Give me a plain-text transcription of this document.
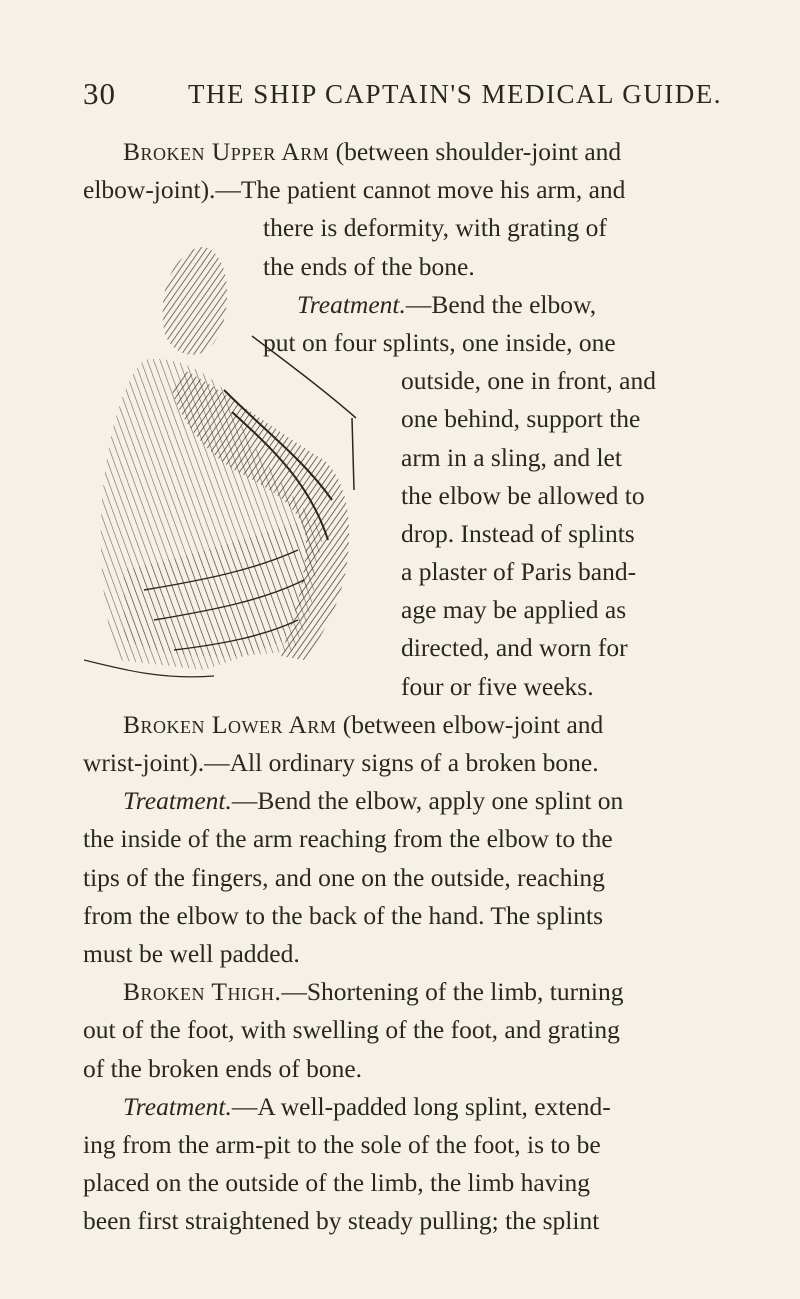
30	THE SHIP CAPTAIN'S MEDICAL GUIDE.
Broken Upper Arm (between shoulder-joint and
elbow-joint).—The patient cannot move his arm, and
there is deformity, with grating of
the ends of the bone.
Treatment.—Bend the elbow,
put on four splints, one inside, one
outside, one in front, and
one behind, support the
arm in a sling, and let
the elbow be allowed to
drop. Instead of splints
a plaster of Paris band-
age may be applied as
directed, and worn for
four or five weeks.
Broken Lower Arm (between elbow-joint and
wrist-joint).—All ordinary signs of a broken bone.
Treatment.—Bend the elbow, apply one splint on
the inside of the arm reaching from the elbow to the
tips of the fingers, and one on the outside, reaching
from the elbow to the back of the hand. The splints
must be well padded.
Broken Thigh.—Shortening of the limb, turning
out of the foot, with swelling of the foot, and grating
of the broken ends of bone.
Treatment.—A well-padded long splint, extend-
ing from the arm-pit to the sole of the foot, is to be
placed on the outside of the limb, the limb having
been first straightened by steady pulling; the splint
